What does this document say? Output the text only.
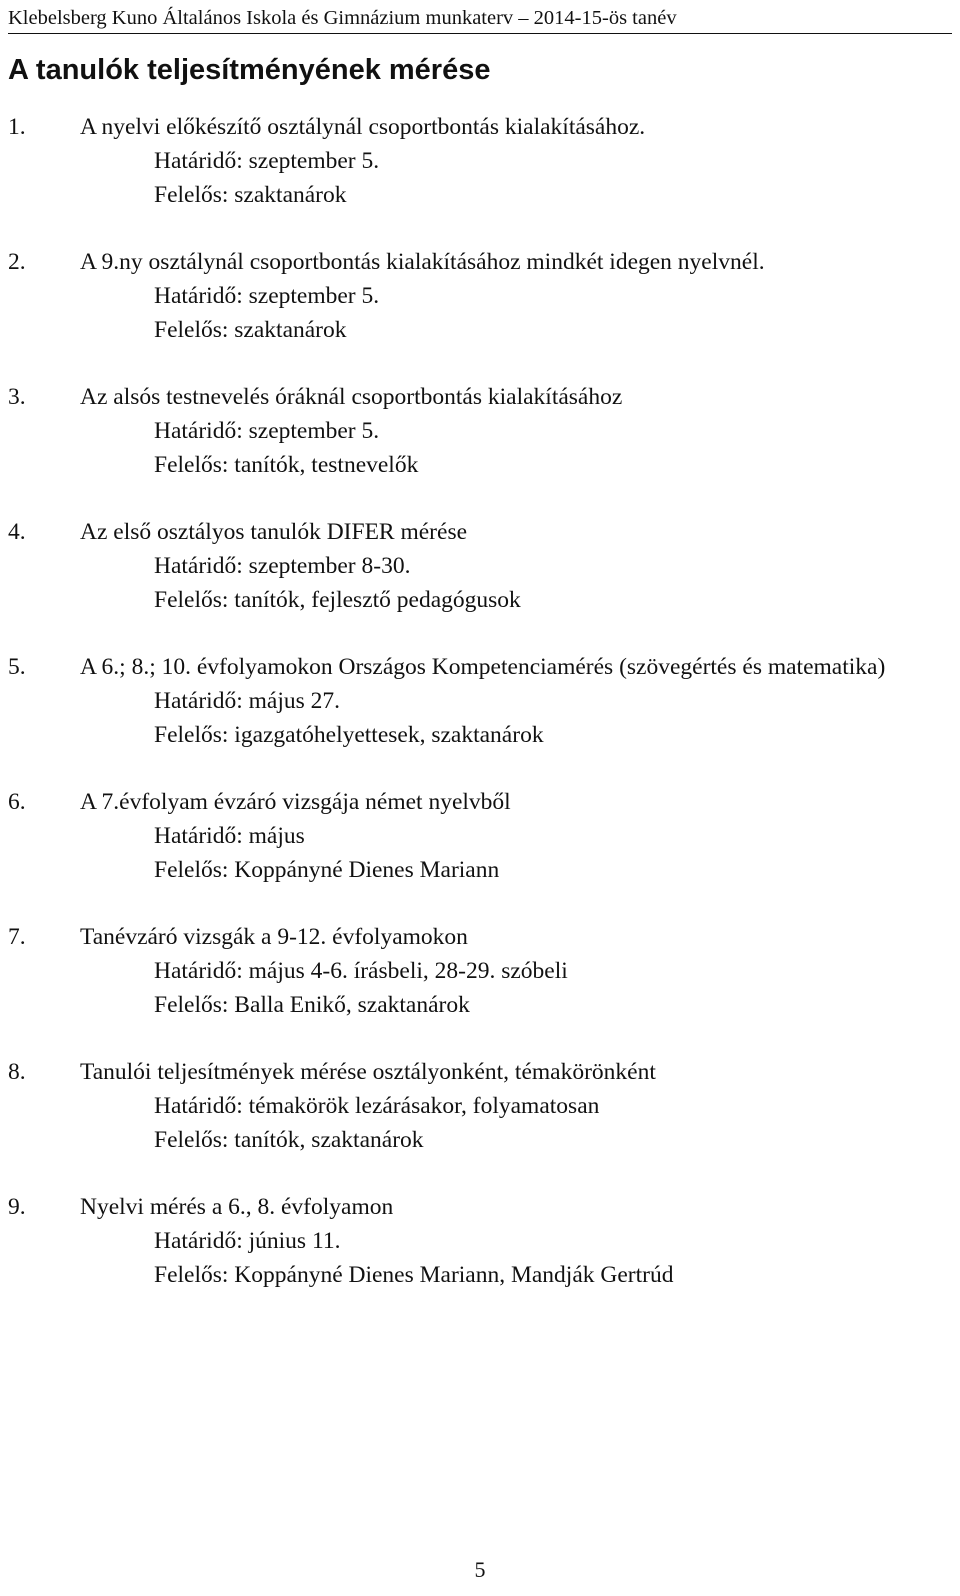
Klebelsberg Kuno Általános Iskola és Gimnázium munkaterv – 2014-15-ös tanév
A tanulók teljesítményének mérése
1. A nyelvi előkészítő osztálynál csoportbontás kialakításához.
Határidő: szeptember 5.
Felelős: szaktanárok
2. A 9.ny osztálynál csoportbontás kialakításához mindkét idegen nyelvnél.
Határidő: szeptember 5.
Felelős: szaktanárok
3. Az alsós testnevelés óráknál csoportbontás kialakításához
Határidő: szeptember 5.
Felelős: tanítók, testnevelők
4. Az első osztályos tanulók DIFER mérése
Határidő: szeptember 8-30.
Felelős: tanítók, fejlesztő pedagógusok
5. A 6.; 8.; 10. évfolyamokon Országos Kompetenciamérés (szövegértés és matematika)
Határidő: május 27.
Felelős: igazgatóhelyettesek, szaktanárok
6. A 7.évfolyam évzáró vizsgája német nyelvből
Határidő: május
Felelős: Koppányné Dienes Mariann
7. Tanévzáró vizsgák a 9-12. évfolyamokon
Határidő: május 4-6. írásbeli, 28-29. szóbeli
Felelős: Balla Enikő, szaktanárok
8. Tanulói teljesítmények mérése osztályonként, témakörönként
Határidő: témakörök lezárásakor, folyamatosan
Felelős: tanítók, szaktanárok
9. Nyelvi mérés a 6., 8. évfolyamon
Határidő: június 11.
Felelős: Koppányné Dienes Mariann, Mandják Gertrúd
5
